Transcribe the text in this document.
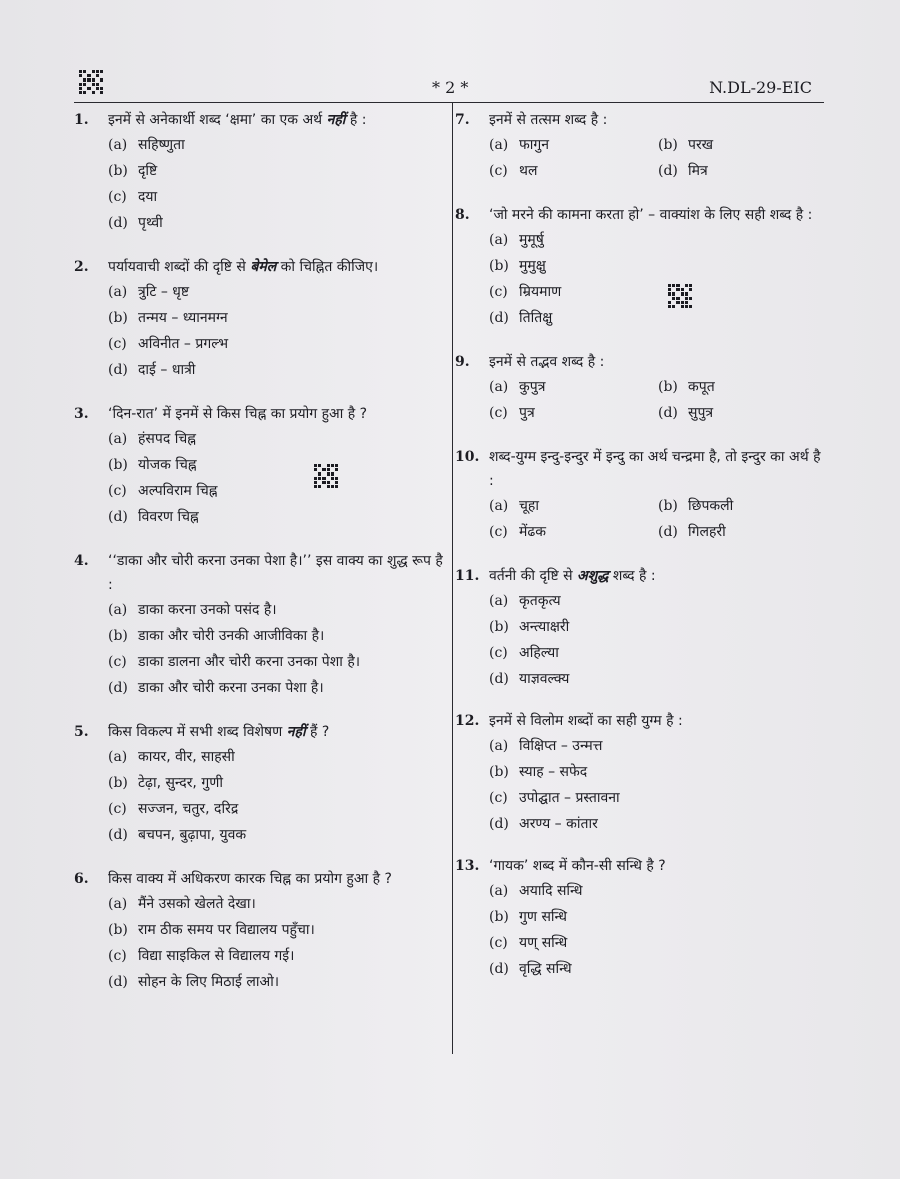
* 2 *	N.DL-29-EIC
1.	इनमें से अनेकार्थी शब्द ‘क्षमा’ का एक अर्थ नहीं है :
(a) सहिष्णुता
(b) दृष्टि
(c) दया
(d) पृथ्वी
2.	पर्यायवाची शब्दों की दृष्टि से बेमेल को चिह्नित कीजिए।
(a) त्रुटि – धृष्ट
(b) तन्मय – ध्यानमग्न
(c) अविनीत – प्रगल्भ
(d) दाई – धात्री
3.	‘दिन-रात’ में इनमें से किस चिह्न का प्रयोग हुआ है ?
(a) हंसपद चिह्न
(b) योजक चिह्न
(c) अल्पविराम चिह्न
(d) विवरण चिह्न
4.	‘‘डाका और चोरी करना उनका पेशा है।’’ इस वाक्य का शुद्ध रूप है :
(a) डाका करना उनको पसंद है।
(b) डाका और चोरी उनकी आजीविका है।
(c) डाका डालना और चोरी करना उनका पेशा है।
(d) डाका और चोरी करना उनका पेशा है।
5.	किस विकल्प में सभी शब्द विशेषण नहीं हैं ?
(a) कायर, वीर, साहसी
(b) टेढ़ा, सुन्दर, गुणी
(c) सज्जन, चतुर, दरिद्र
(d) बचपन, बुढ़ापा, युवक
6.	किस वाक्य में अधिकरण कारक चिह्न का प्रयोग हुआ है ?
(a) मैंने उसको खेलते देखा।
(b) राम ठीक समय पर विद्यालय पहुँचा।
(c) विद्या साइकिल से विद्यालय गई।
(d) सोहन के लिए मिठाई लाओ।
7.	इनमें से तत्सम शब्द है :
(a) फागुन	(b) परख
(c) थल	(d) मित्र
8.	‘जो मरने की कामना करता हो’ – वाक्यांश के लिए सही शब्द है :
(a) मुमूर्षु
(b) मुमुक्षु
(c) म्रियमाण
(d) तितिक्षु
9.	इनमें से तद्भव शब्द है :
(a) कुपुत्र	(b) कपूत
(c) पुत्र	(d) सुपुत्र
10. शब्द-युग्म इन्दु-इन्दुर में इन्दु का अर्थ चन्द्रमा है, तो इन्दुर का अर्थ है :
(a) चूहा	(b) छिपकली
(c) मेंढक	(d) गिलहरी
11. वर्तनी की दृष्टि से अशुद्ध शब्द है :
(a) कृतकृत्य
(b) अन्त्याक्षरी
(c) अहिल्या
(d) याज्ञवल्क्य
12. इनमें से विलोम शब्दों का सही युग्म है :
(a) विक्षिप्त – उन्मत्त
(b) स्याह – सफेद
(c) उपोद्घात – प्रस्तावना
(d) अरण्य – कांतार
13. ‘गायक’ शब्द में कौन-सी सन्धि है ?
(a) अयादि सन्धि
(b) गुण सन्धि
(c) यण् सन्धि
(d) वृद्धि सन्धि
